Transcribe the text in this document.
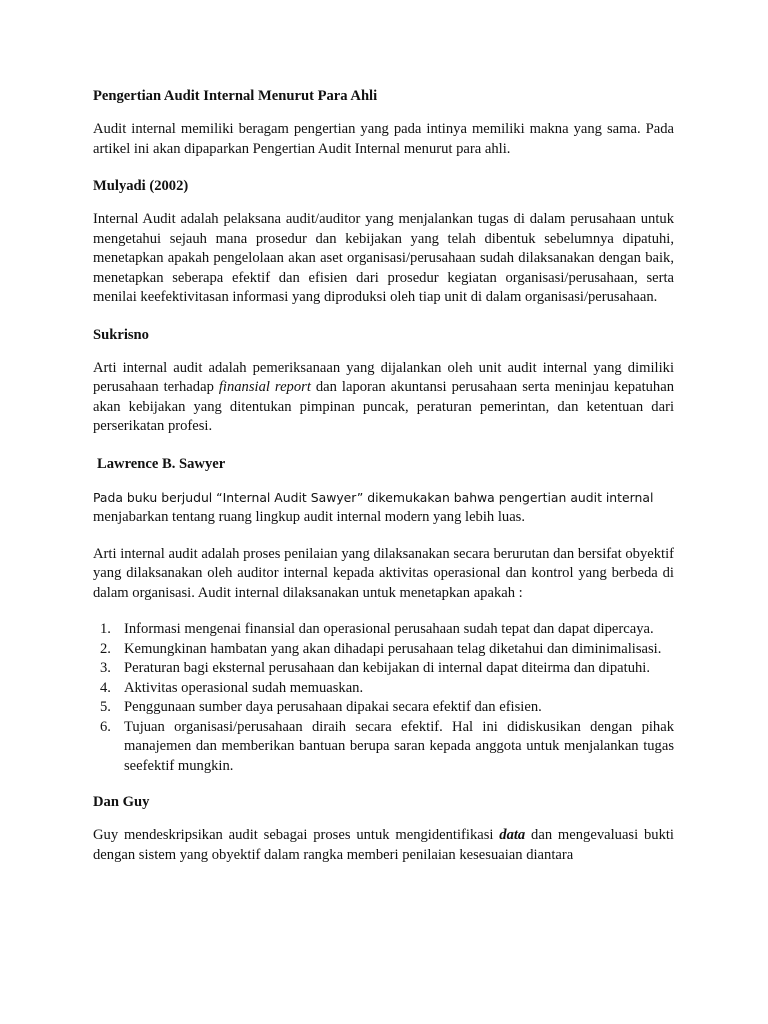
Pengertian Audit Internal Menurut Para Ahli

Audit internal memiliki beragam pengertian yang pada intinya memiliki makna yang sama. Pada artikel ini akan dipaparkan Pengertian Audit Internal menurut para ahli.

Mulyadi (2002)

Internal Audit adalah pelaksana audit/auditor yang menjalankan tugas di dalam perusahaan untuk mengetahui sejauh mana prosedur dan kebijakan yang telah dibentuk sebelumnya dipatuhi, menetapkan apakah pengelolaan akan aset organisasi/perusahaan sudah dilaksanakan dengan baik, menetapkan seberapa efektif dan efisien dari prosedur kegiatan organisasi/perusahaan, serta menilai keefektivitasan informasi yang diproduksi oleh tiap unit di dalam organisasi/perusahaan.

Sukrisno

Arti internal audit adalah pemeriksanaan yang dijalankan oleh unit audit internal yang dimiliki perusahaan terhadap finansial report dan laporan akuntansi perusahaan serta meninjau kepatuhan akan kebijakan yang ditentukan pimpinan puncak, peraturan pemerintan, dan ketentuan dari perserikatan profesi.

Lawrence B. Sawyer

Pada buku berjudul “Internal Audit Sawyer” dikemukakan bahwa pengertian audit internal
menjabarkan tentang ruang lingkup audit internal modern yang lebih luas.

Arti internal audit adalah proses penilaian yang dilaksanakan secara berurutan dan bersifat obyektif yang dilaksanakan oleh auditor internal kepada aktivitas operasional dan kontrol yang berbeda di dalam organisasi. Audit internal dilaksanakan untuk menetapkan apakah :

1. Informasi mengenai finansial dan operasional perusahaan sudah tepat dan dapat dipercaya.
2. Kemungkinan hambatan yang akan dihadapi perusahaan telag diketahui dan diminimalisasi.
3. Peraturan bagi eksternal perusahaan dan kebijakan di internal dapat diteirma dan dipatuhi.
4. Aktivitas operasional sudah memuaskan.
5. Penggunaan sumber daya perusahaan dipakai secara efektif dan efisien.
6. Tujuan organisasi/perusahaan diraih secara efektif. Hal ini didiskusikan dengan pihak manajemen dan memberikan bantuan berupa saran kepada anggota untuk menjalankan tugas seefektif mungkin.
Dan Guy

Guy mendeskripsikan audit sebagai proses untuk mengidentifikasi data dan mengevaluasi bukti dengan sistem yang obyektif dalam rangka memberi penilaian kesesuaian diantara
